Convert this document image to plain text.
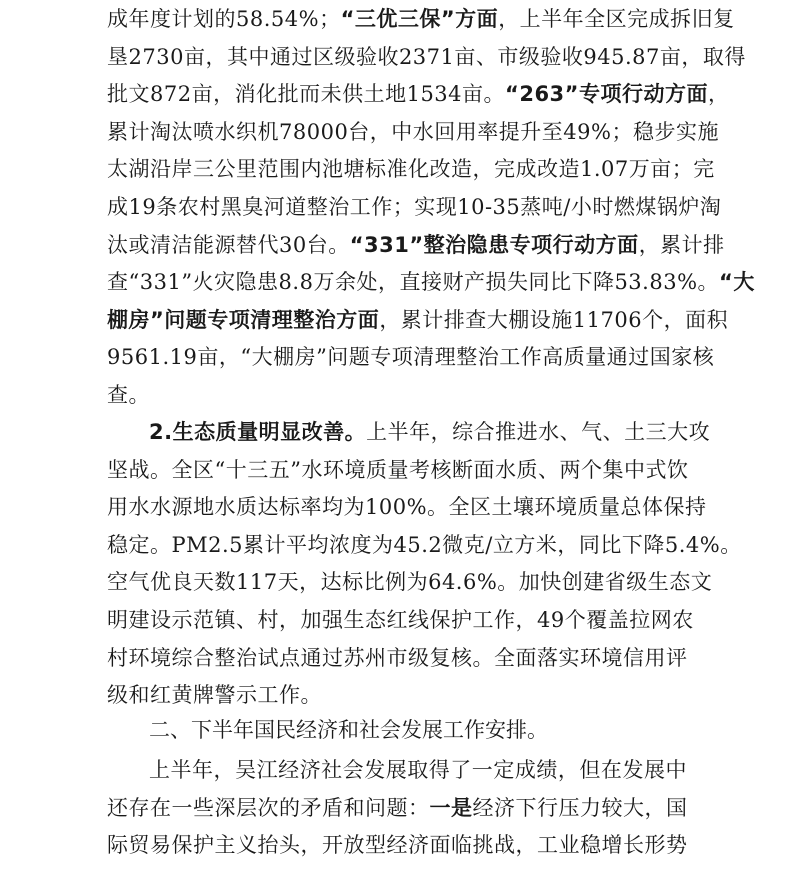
成年度计划的58.54%；“三优三保”方面，上半年全区完成拆旧复
垦2730亩，其中通过区级验收2371亩、市级验收945.87亩，取得
批文872亩，消化批而未供土地1534亩。“263”专项行动方面，
累计淘汰喷水织机78000台，中水回用率提升至49%；稳步实施
太湖沿岸三公里范围内池塘标准化改造，完成改造1.07万亩；完
成19条农村黑臭河道整治工作；实现10-35蒸吨/小时燃煤锅炉淘
汰或清洁能源替代30台。“331”整治隐患专项行动方面，累计排
查“331”火灾隐患8.8万余处，直接财产损失同比下降53.83%。“大
棚房”问题专项清理整治方面，累计排查大棚设施11706个，面积
9561.19亩，“大棚房”问题专项清理整治工作高质量通过国家核
查。
2.生态质量明显改善。上半年，综合推进水、气、土三大攻
坚战。全区“十三五”水环境质量考核断面水质、两个集中式饮
用水水源地水质达标率均为100%。全区土壤环境质量总体保持
稳定。PM2.5累计平均浓度为45.2微克/立方米，同比下降5.4%。
空气优良天数117天，达标比例为64.6%。加快创建省级生态文
明建设示范镇、村，加强生态红线保护工作，49个覆盖拉网农
村环境综合整治试点通过苏州市级复核。全面落实环境信用评
级和红黄牌警示工作。
二、下半年国民经济和社会发展工作安排。
上半年，吴江经济社会发展取得了一定成绩，但在发展中
还存在一些深层次的矛盾和问题：一是经济下行压力较大，国
际贸易保护主义抬头，开放型经济面临挑战，工业稳增长形势
